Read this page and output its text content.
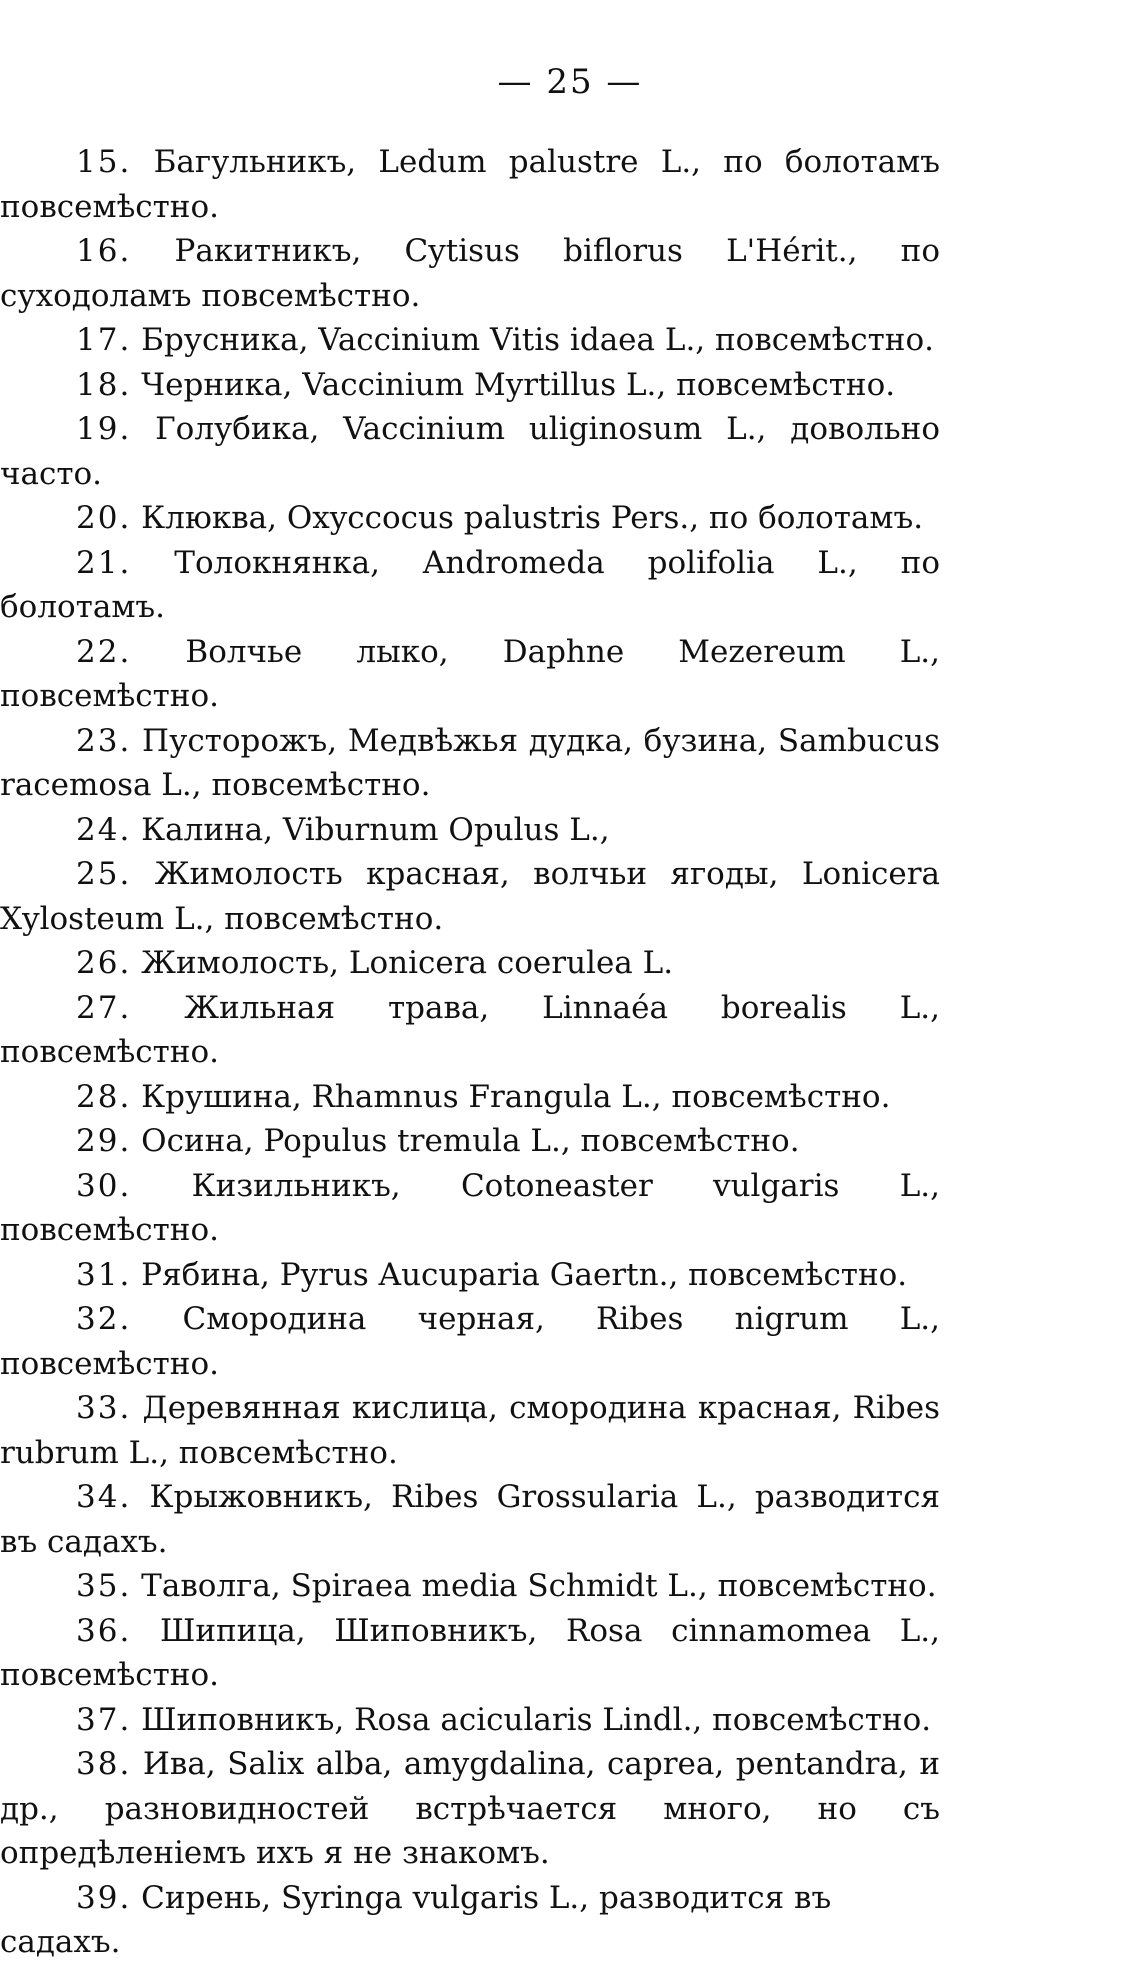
— 25 —

15. Багульникъ, Ledum palustre L., по болотамъ повсемѣстно.

16. Ракитникъ, Cytisus biflorus L'Hérit., по суходоламъ повсемѣстно.

17. Брусника, Vaccinium Vitis idaea L., повсемѣстно.

18. Черника, Vaccinium Myrtillus L., повсемѣстно.

19. Голубика, Vaccinium uliginosum L., довольно часто.

20. Клюква, Oxyccocus palustris Pers., по болотамъ.

21. Толокнянка, Andromeda polifolia L., по болотамъ.

22. Волчье лыко, Daphne Mezereum L., повсемѣстно.

23. Пусторожъ, Медвѣжья дудка, бузина, Sambucus racemosa L., повсемѣстно.

24. Калина, Viburnum Opulus L.,

25. Жимолость красная, волчьи ягоды, Lonicera Xylosteum L., повсемѣстно.

26. Жимолость, Lonicera coerulea L.

27. Жильная трава, Linnaéa borealis L., повсемѣстно.

28. Крушина, Rhamnus Frangula L., повсемѣстно.

29. Осина, Populus tremula L., повсемѣстно.

30. Кизильникъ, Cotoneaster vulgaris L., повсемѣстно.

31. Рябина, Pyrus Aucuparia Gaertn., повсемѣстно.

32. Смородина черная, Ribes nigrum L., повсемѣстно.

33. Деревянная кислица, смородина красная, Ribes rubrum L., повсемѣстно.

34. Крыжовникъ, Ribes Grossularia L., разводится въ садахъ.

35. Таволга, Spiraea media Schmidt L., повсемѣстно.

36. Шипица, Шиповникъ, Rosa cinnamomea L., повсемѣстно.

37. Шиповникъ, Rosa acicularis Lindl., повсемѣстно.

38. Ива, Salix alba, amygdalina, caprea, pentandra, и др., разновидностей встрѣчается много, но съ опредѣленіемъ ихъ я не знакомъ.

39. Сирень, Syringa vulgaris L., разводится въ садахъ.
